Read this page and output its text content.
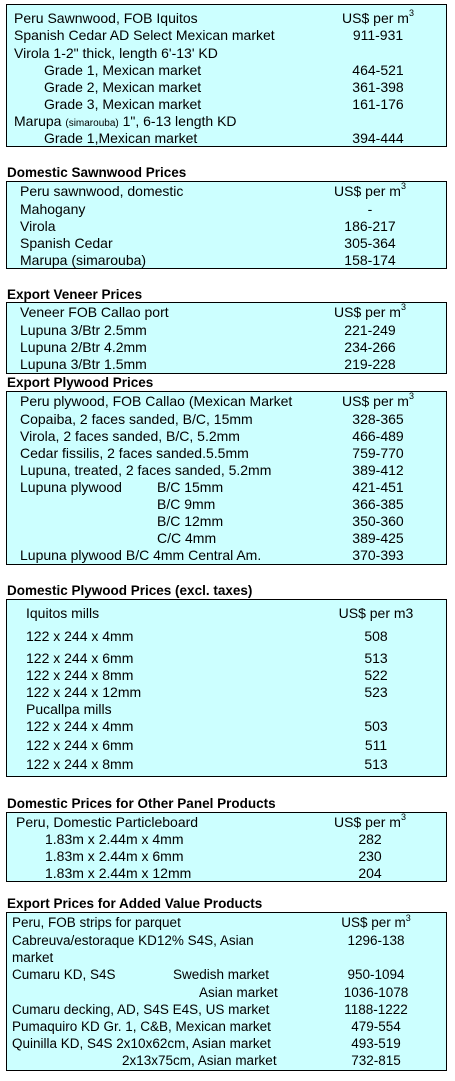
Peru Sawnwood, FOB Iquitos	US$ per $m^3$
Spanish Cedar AD Select Mexican market	911-931
Virola 1-2" thick, length 6'-13' KD
Grade 1, Mexican market	464-521
Grade 2, Mexican market	361-398
Grade 3, Mexican market	161-176
Marupa (simarouba) 1", 6-13 length KD
Grade 1,Mexican market	394-444
Domestic Sawnwood Prices
Peru sawnwood, domestic	US$ per $m^3$
Mahogany	-
Virola	186-217
Spanish Cedar	305-364
Marupa (simarouba)	158-174
Export Veneer Prices
Veneer FOB Callao port	US$ per $m^3$
Lupuna 3/Btr 2.5mm	221-249
Lupuna 2/Btr 4.2mm	234-266
Lupuna 3/Btr 1.5mm	219-228
Export Plywood Prices
Peru plywood, FOB Callao (Mexican Market	US$ per $m^3$
Copaiba, 2 faces sanded, B/C, 15mm	328-365
Virola, 2 faces sanded, B/C, 5.2mm	466-489
Cedar fissilis, 2 faces sanded.5.5mm	759-770
Lupuna, treated, 2 faces sanded, 5.2mm	389-412
Lupuna plywood	B/C 15mm	421-451
B/C 9mm	366-385
B/C 12mm	350-360
C/C 4mm	389-425
Lupuna plywood B/C 4mm Central Am.	370-393
Domestic Plywood Prices (excl. taxes)
Iquitos mills	US$ per m3
122 x 244 x 4mm	508
122 x 244 x 6mm	513
122 x 244 x 8mm	522
122 x 244 x 12mm	523
Pucallpa mills
122 x 244 x 4mm	503
122 x 244 x 6mm	511
122 x 244 x 8mm	513
Domestic Prices for Other Panel Products
Peru, Domestic Particleboard	US$ per $m^3$
1.83m x 2.44m x 4mm	282
1.83m x 2.44m x 6mm	230
1.83m x 2.44m x 12mm	204
Export Prices for Added Value Products
Peru, FOB strips for parquet	US$ per $m^3$
Cabreuva/estoraque KD12% S4S, Asian	1296-138
market
Cumaru KD, S4S	Swedish market	950-1094
Asian market	1036-1078
Cumaru decking, AD, S4S E4S, US market	1188-1222
Pumaquiro KD Gr. 1, C&B, Mexican market	479-554
Quinilla KD, S4S 2x10x62cm, Asian market	493-519
2x13x75cm, Asian market	732-815
